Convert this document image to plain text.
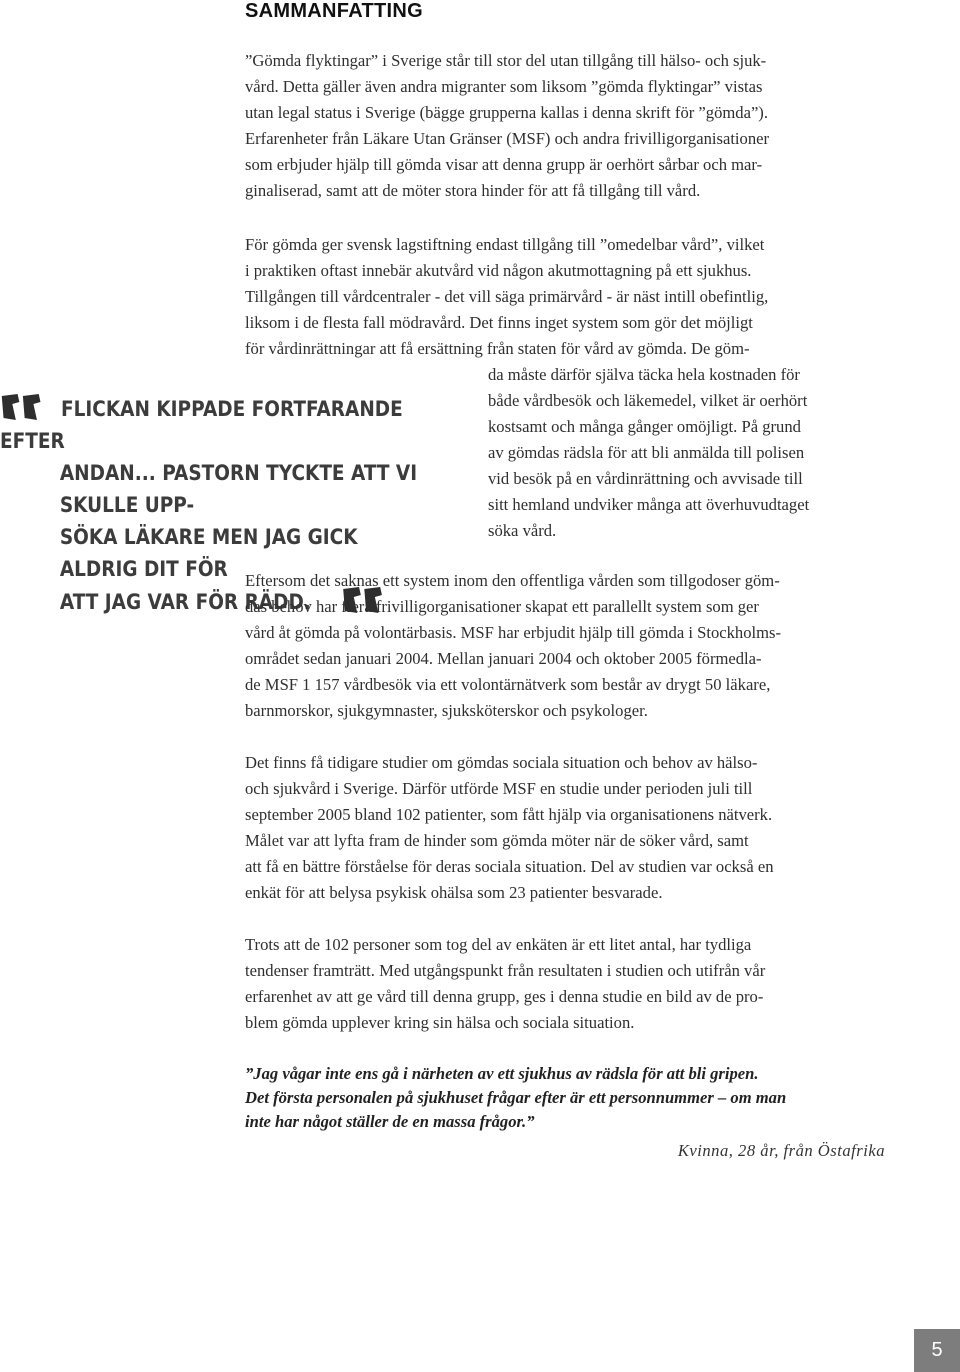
SAMMANFATTING
”Gömda flyktingar” i Sverige står till stor del utan tillgång till hälso- och sjuk-
vård. Detta gäller även andra migranter som liksom ”gömda flyktingar” vistas
utan legal status i Sverige (bägge grupperna kallas i denna skrift för ”gömda”).
Erfarenheter från Läkare Utan Gränser (MSF) och andra frivilligorganisationer
som erbjuder hjälp till gömda visar att denna grupp är oerhört sårbar och mar-
ginaliserad, samt att de möter stora hinder för att få tillgång till vård.
För gömda ger svensk lagstiftning endast tillgång till ”omedelbar vård”, vilket
i praktiken oftast innebär akutvård vid någon akutmottagning på ett sjukhus.
Tillgången till vårdcentraler - det vill säga primärvård - är näst intill obefintlig,
liksom i de flesta fall mödravård. Det finns inget system som gör det möjligt
för vårdinrättningar att få ersättning från staten för vård av gömda. De göm-
da måste därför själva täcka hela kostnaden för
både vårdbesök och läkemedel, vilket är oerhört
kostsamt och många gånger omöjligt. På grund
av gömdas rädsla för att bli anmälda till polisen
vid besök på en vårdinrättning och avvisade till
sitt hemland undviker många att överhuvudtaget
söka vård.
FLICKAN KIPPADE FORTFARANDE EFTER
ANDAN... PASTORN TYCKTE ATT VI SKULLE UPP-
SÖKA LÄKARE MEN JAG GICK ALDRIG DIT FÖR
ATT JAG VAR FÖR RÄDD.
Eftersom det saknas ett system inom den offentliga vården som tillgodoser göm-
das behov har flera frivilligorganisationer skapat ett parallellt system som ger
vård åt gömda på volontärbasis. MSF har erbjudit hjälp till gömda i Stockholms-
området sedan januari 2004. Mellan januari 2004 och oktober 2005 förmedla-
de MSF 1 157 vårdbesök via ett volontärnätverk som består av drygt 50 läkare,
barnmorskor, sjukgymnaster, sjuksköterskor och psykologer.
Det finns få tidigare studier om gömdas sociala situation och behov av hälso-
och sjukvård i Sverige. Därför utförde MSF en studie under perioden juli till
september 2005 bland 102 patienter, som fått hjälp via organisationens nätverk.
Målet var att lyfta fram de hinder som gömda möter när de söker vård, samt
att få en bättre förståelse för deras sociala situation. Del av studien var också en
enkät för att belysa psykisk ohälsa som 23 patienter besvarade.
Trots att de 102 personer som tog del av enkäten är ett litet antal, har tydliga
tendenser framträtt. Med utgångspunkt från resultaten i studien och utifrån vår
erfarenhet av att ge vård till denna grupp, ges i denna studie en bild av de pro-
blem gömda upplever kring sin hälsa och sociala situation.
”Jag vågar inte ens gå i närheten av ett sjukhus av rädsla för att bli gripen.
Det första personalen på sjukhuset frågar efter är ett personnummer – om man
inte har något ställer de en massa frågor.”

Kvinna, 28 år, från Östafrika

5
